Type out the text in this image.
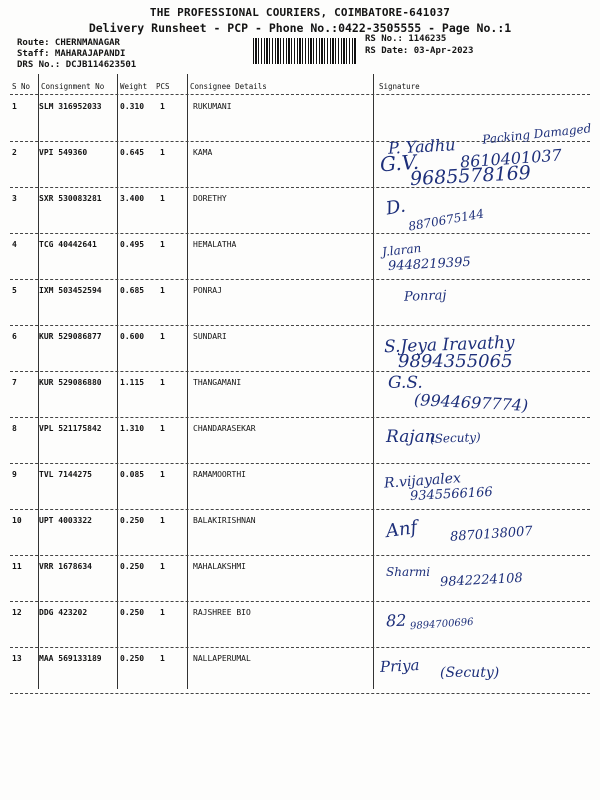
THE PROFESSIONAL COURIERS, COIMBATORE-641037
Delivery Runsheet - PCP - Phone No.:0422-3505555 - Page No.:1
Route: CHERNMANAGAR
Staff: MAHARAJAPANDI
DRS No.: DCJB114623501
RS No.: 1146235
RS Date: 03-Apr-2023
S No Consignment No Weight PCS	Consignee Details	Signature
1	SLM 316952033 0.310 1	RUKUMANI
P. Yadhu 8610401037
Packing Damaged
2	VPI 549360	0.645 1	KAMA	G.V.
9685578169
3	SXR 530083281 3.400 1	DORETHY	D. 8870675144
4	TCG 40442641	0.495 1	HEMALATHA	J.laran
9448219395
5	IXM 503452594 0.685 1	PONRAJ	Ponraj
6	KUR 529086877 0.600 1	SUNDARI	S.Jeya Iravathy
9894355065
7	KUR 529086880 1.115 1	THANGAMANI	G.S.
(9944697774)
8	VPL 521175842 1.310 1	CHANDARASEKAR	Rajan
(Secuty)
9	TVL 7144275	0.085 1	RAMAMOORTHI	R.vijayalex
9345566166
10 UPT 4003322	0.250 1	BALAKIRISHNAN	Anf 8870138007
11 VRR 1678634	0.250 1	MAHALAKSHMI	Sharmi 9842224108
12 DDG 423202	0.250 1	RAJSHREE BIO	82 9894700696
13 MAA 569133189 0.250 1	NALLAPERUMAL	Priya (Secuty)
